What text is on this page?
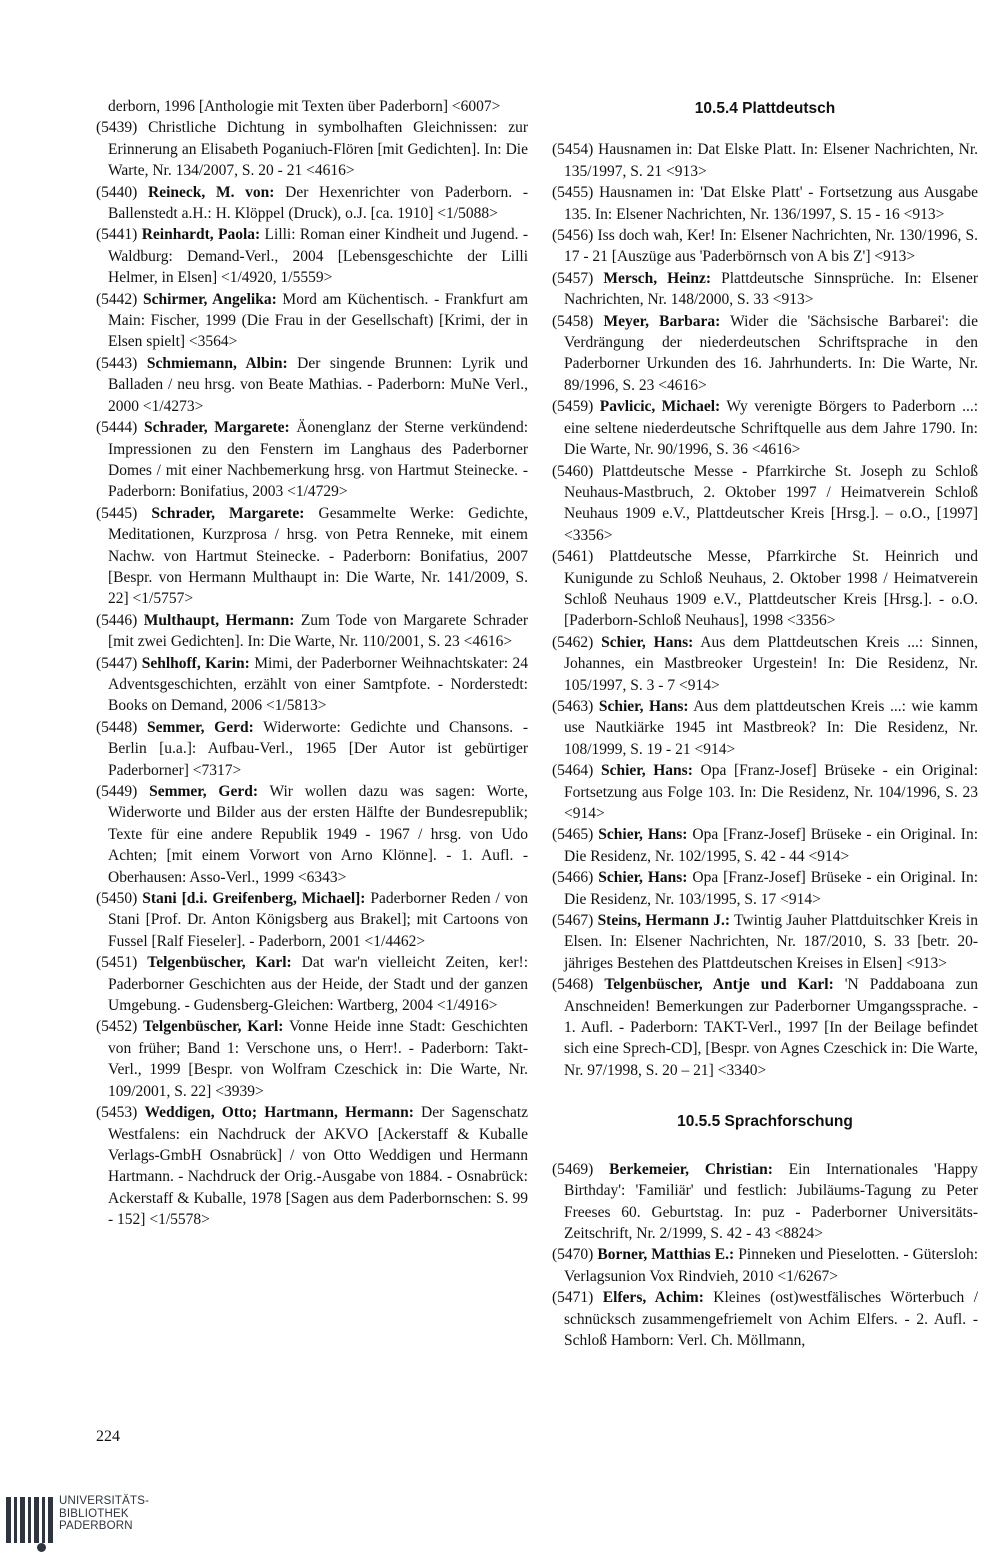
derborn, 1996 [Anthologie mit Texten über Paderborn] <6007>

(5439) Christliche Dichtung in symbolhaften Gleichnissen: zur Erinnerung an Elisabeth Poganiuch-Flören [mit Gedichten]. In: Die Warte, Nr. 134/2007, S. 20 - 21 <4616>

(5440) Reineck, M. von: Der Hexenrichter von Paderborn. - Ballenstedt a.H.: H. Klöppel (Druck), o.J. [ca. 1910] <1/5088>

(5441) Reinhardt, Paola: Lilli: Roman einer Kindheit und Jugend. - Waldburg: Demand-Verl., 2004 [Lebensgeschichte der Lilli Helmer, in Elsen] <1/4920, 1/5559>

(5442) Schirmer, Angelika: Mord am Küchentisch. - Frankfurt am Main: Fischer, 1999 (Die Frau in der Gesellschaft) [Krimi, der in Elsen spielt] <3564>

(5443) Schmiemann, Albin: Der singende Brunnen: Lyrik und Balladen / neu hrsg. von Beate Mathias. - Paderborn: MuNe Verl., 2000 <1/4273>

(5444) Schrader, Margarete: Äonenglanz der Sterne verkündend: Impressionen zu den Fenstern im Langhaus des Paderborner Domes / mit einer Nachbemerkung hrsg. von Hartmut Steinecke. - Paderborn: Bonifatius, 2003 <1/4729>

(5445) Schrader, Margarete: Gesammelte Werke: Gedichte, Meditationen, Kurzprosa / hrsg. von Petra Renneke, mit einem Nachw. von Hartmut Steinecke. - Paderborn: Bonifatius, 2007 [Bespr. von Hermann Multhaupt in: Die Warte, Nr. 141/2009, S. 22] <1/5757>

(5446) Multhaupt, Hermann: Zum Tode von Margarete Schrader [mit zwei Gedichten]. In: Die Warte, Nr. 110/2001, S. 23 <4616>

(5447) Sehlhoff, Karin: Mimi, der Paderborner Weihnachtskater: 24 Adventsgeschichten, erzählt von einer Samtpfote. - Norderstedt: Books on Demand, 2006 <1/5813>

(5448) Semmer, Gerd: Widerworte: Gedichte und Chansons. - Berlin [u.a.]: Aufbau-Verl., 1965 [Der Autor ist gebürtiger Paderborner] <7317>

(5449) Semmer, Gerd: Wir wollen dazu was sagen: Worte, Widerworte und Bilder aus der ersten Hälfte der Bundesrepublik; Texte für eine andere Republik 1949 - 1967 / hrsg. von Udo Achten; [mit einem Vorwort von Arno Klönne]. - 1. Aufl. - Oberhausen: Asso-Verl., 1999 <6343>

(5450) Stani [d.i. Greifenberg, Michael]: Paderborner Reden / von Stani [Prof. Dr. Anton Königsberg aus Brakel]; mit Cartoons von Fussel [Ralf Fieseler]. - Paderborn, 2001 <1/4462>

(5451) Telgenbüscher, Karl: Dat war'n vielleicht Zeiten, ker!: Paderborner Geschichten aus der Heide, der Stadt und der ganzen Umgebung. - Gudensberg-Gleichen: Wartberg, 2004 <1/4916>

(5452) Telgenbüscher, Karl: Vonne Heide inne Stadt: Geschichten von früher; Band 1: Verschone uns, o Herr!. - Paderborn: Takt-Verl., 1999 [Bespr. von Wolfram Czeschick in: Die Warte, Nr. 109/2001, S. 22] <3939>

(5453) Weddigen, Otto; Hartmann, Hermann: Der Sagenschatz Westfalens: ein Nachdruck der AKVO [Ackerstaff & Kuballe Verlags-GmbH Osnabrück] / von Otto Weddigen und Hermann Hartmann. - Nachdruck der Orig.-Ausgabe von 1884. - Osnabrück: Ackerstaff & Kuballe, 1978 [Sagen aus dem Paderbornschen: S. 99 - 152] <1/5578>

10.5.4 Plattdeutsch

(5454) Hausnamen in: Dat Elske Platt. In: Elsener Nachrichten, Nr. 135/1997, S. 21 <913>

(5455) Hausnamen in: 'Dat Elske Platt' - Fortsetzung aus Ausgabe 135. In: Elsener Nachrichten, Nr. 136/1997, S. 15 - 16 <913>

(5456) Iss doch wah, Ker! In: Elsener Nachrichten, Nr. 130/1996, S. 17 - 21 [Auszüge aus 'Paderbörnsch von A bis Z'] <913>

(5457) Mersch, Heinz: Plattdeutsche Sinnsprüche. In: Elsener Nachrichten, Nr. 148/2000, S. 33 <913>

(5458) Meyer, Barbara: Wider die 'Sächsische Barbarei': die Verdrängung der niederdeutschen Schriftsprache in den Paderborner Urkunden des 16. Jahrhunderts. In: Die Warte, Nr. 89/1996, S. 23 <4616>

(5459) Pavlicic, Michael: Wy verenigte Börgers to Paderborn ...: eine seltene niederdeutsche Schriftquelle aus dem Jahre 1790. In: Die Warte, Nr. 90/1996, S. 36 <4616>

(5460) Plattdeutsche Messe - Pfarrkirche St. Joseph zu Schloß Neuhaus-Mastbruch, 2. Oktober 1997 / Heimatverein Schloß Neuhaus 1909 e.V., Plattdeutscher Kreis [Hrsg.]. – o.O., [1997] <3356>

(5461) Plattdeutsche Messe, Pfarrkirche St. Heinrich und Kunigunde zu Schloß Neuhaus, 2. Oktober 1998 / Heimatverein Schloß Neuhaus 1909 e.V., Plattdeutscher Kreis [Hrsg.]. - o.O. [Paderborn-Schloß Neuhaus], 1998 <3356>

(5462) Schier, Hans: Aus dem Plattdeutschen Kreis ...: Sinnen, Johannes, ein Mastbreoker Urgestein! In: Die Residenz, Nr. 105/1997, S. 3 - 7 <914>

(5463) Schier, Hans: Aus dem plattdeutschen Kreis ...: wie kamm use Nautkiärke 1945 int Mastbreok? In: Die Residenz, Nr. 108/1999, S. 19 - 21 <914>

(5464) Schier, Hans: Opa [Franz-Josef] Brüseke - ein Original: Fortsetzung aus Folge 103. In: Die Residenz, Nr. 104/1996, S. 23 <914>

(5465) Schier, Hans: Opa [Franz-Josef] Brüseke - ein Original. In: Die Residenz, Nr. 102/1995, S. 42 - 44 <914>

(5466) Schier, Hans: Opa [Franz-Josef] Brüseke - ein Original. In: Die Residenz, Nr. 103/1995, S. 17 <914>

(5467) Steins, Hermann J.: Twintig Jauher Plattduitschker Kreis in Elsen. In: Elsener Nachrichten, Nr. 187/2010, S. 33 [betr. 20-jähriges Bestehen des Plattdeutschen Kreises in Elsen] <913>

(5468) Telgenbüscher, Antje und Karl: 'N Paddaboana zun Anschneiden! Bemerkungen zur Paderborner Umgangssprache. - 1. Aufl. - Paderborn: TAKT-Verl., 1997 [In der Beilage befindet sich eine Sprech-CD], [Bespr. von Agnes Czeschick in: Die Warte, Nr. 97/1998, S. 20 – 21] <3340>

10.5.5 Sprachforschung

(5469) Berkemeier, Christian: Ein Internationales 'Happy Birthday': 'Familiär' und festlich: Jubiläums-Tagung zu Peter Freeses 60. Geburtstag. In: puz - Paderborner Universitäts-Zeitschrift, Nr. 2/1999, S. 42 - 43 <8824>

(5470) Borner, Matthias E.: Pinneken und Pieselotten. - Gütersloh: Verlagsunion Vox Rindvieh, 2010 <1/6267>

(5471) Elfers, Achim: Kleines (ost)westfälisches Wörterbuch / schnücksch zusammengefriemelt von Achim Elfers. - 2. Aufl. - Schloß Hamborn: Verl. Ch. Möllmann,

224
UNIVERSITÄTS-
BIBLIOTHEK
PADERBORN
